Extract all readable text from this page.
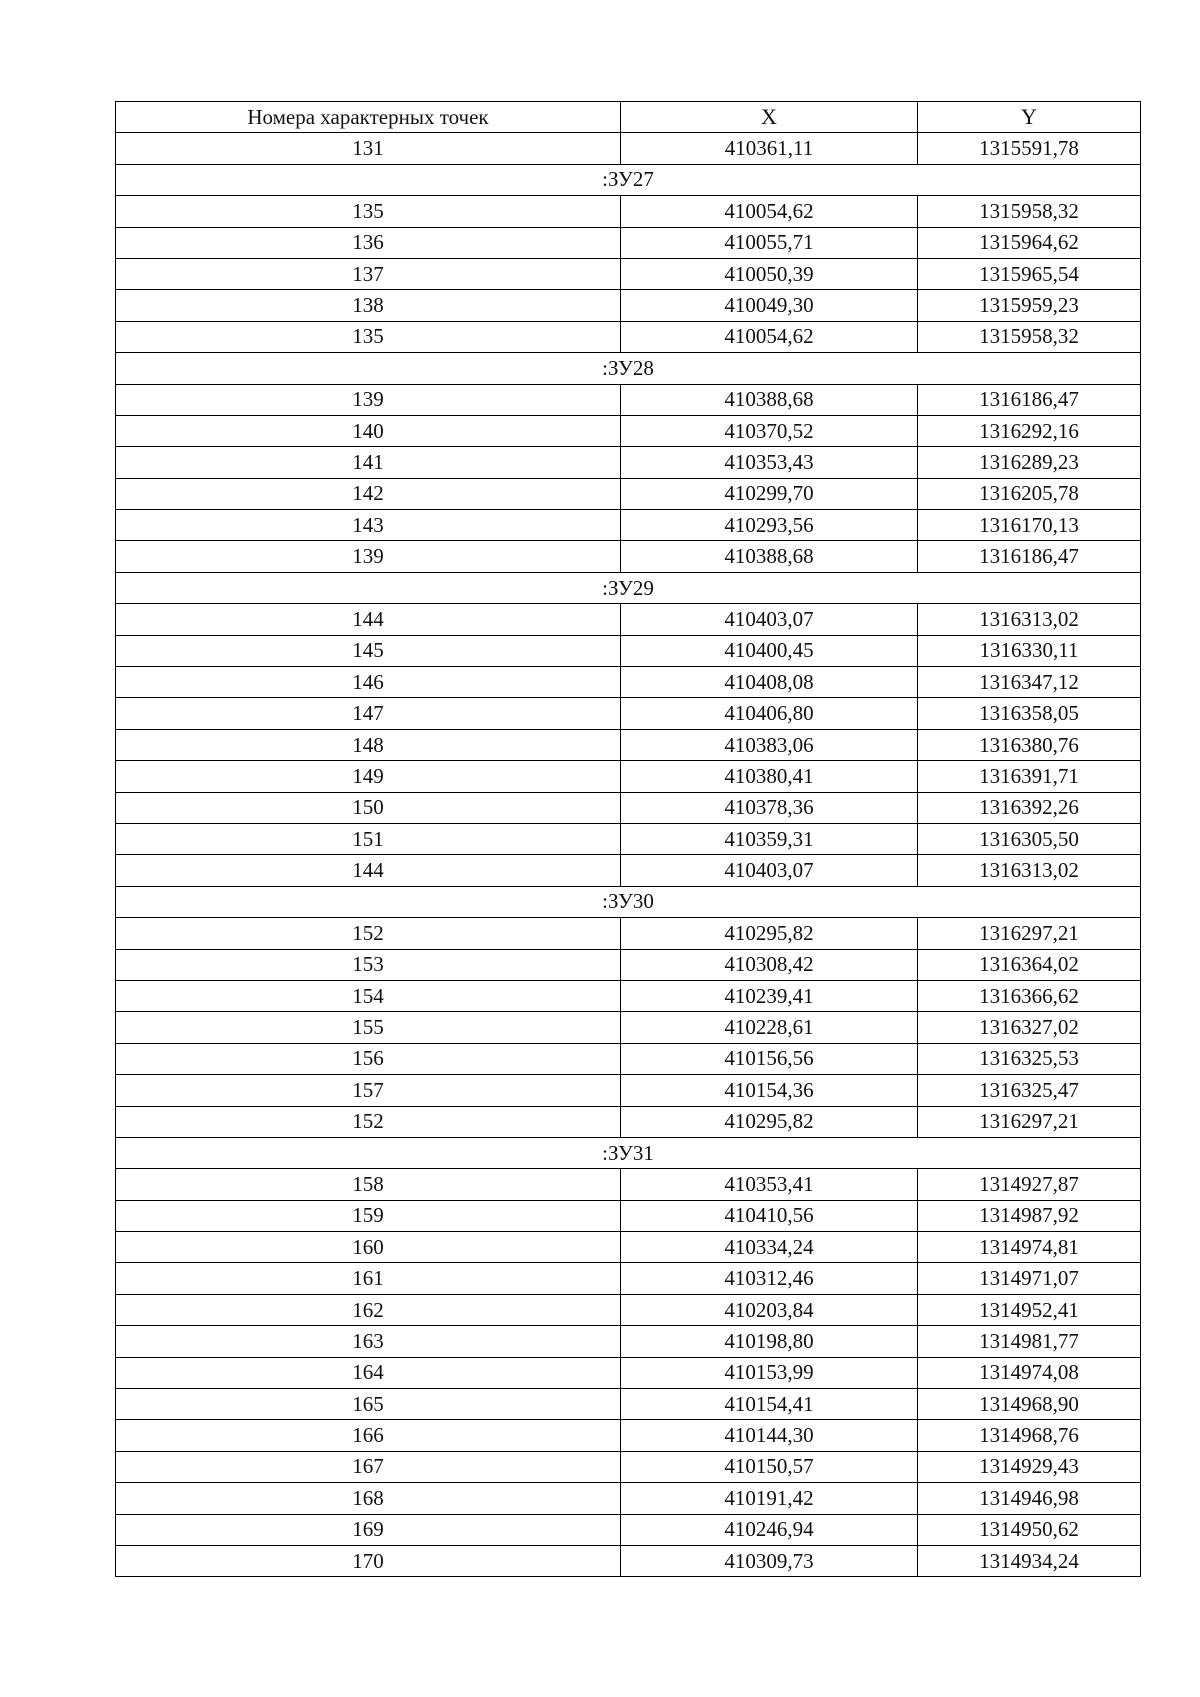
Номера характерных точек	X	Y
131	410361,11	1315591,78
:ЗУ27		
135	410054,62	1315958,32
136	410055,71	1315964,62
137	410050,39	1315965,54
138	410049,30	1315959,23
135	410054,62	1315958,32
:ЗУ28		
139	410388,68	1316186,47
140	410370,52	1316292,16
141	410353,43	1316289,23
142	410299,70	1316205,78
143	410293,56	1316170,13
139	410388,68	1316186,47
:ЗУ29		
144	410403,07	1316313,02
145	410400,45	1316330,11
146	410408,08	1316347,12
147	410406,80	1316358,05
148	410383,06	1316380,76
149	410380,41	1316391,71
150	410378,36	1316392,26
151	410359,31	1316305,50
144	410403,07	1316313,02
:ЗУ30		
152	410295,82	1316297,21
153	410308,42	1316364,02
154	410239,41	1316366,62
155	410228,61	1316327,02
156	410156,56	1316325,53
157	410154,36	1316325,47
152	410295,82	1316297,21
:ЗУ31		
158	410353,41	1314927,87
159	410410,56	1314987,92
160	410334,24	1314974,81
161	410312,46	1314971,07
162	410203,84	1314952,41
163	410198,80	1314981,77
164	410153,99	1314974,08
165	410154,41	1314968,90
166	410144,30	1314968,76
167	410150,57	1314929,43
168	410191,42	1314946,98
169	410246,94	1314950,62
170	410309,73	1314934,24
